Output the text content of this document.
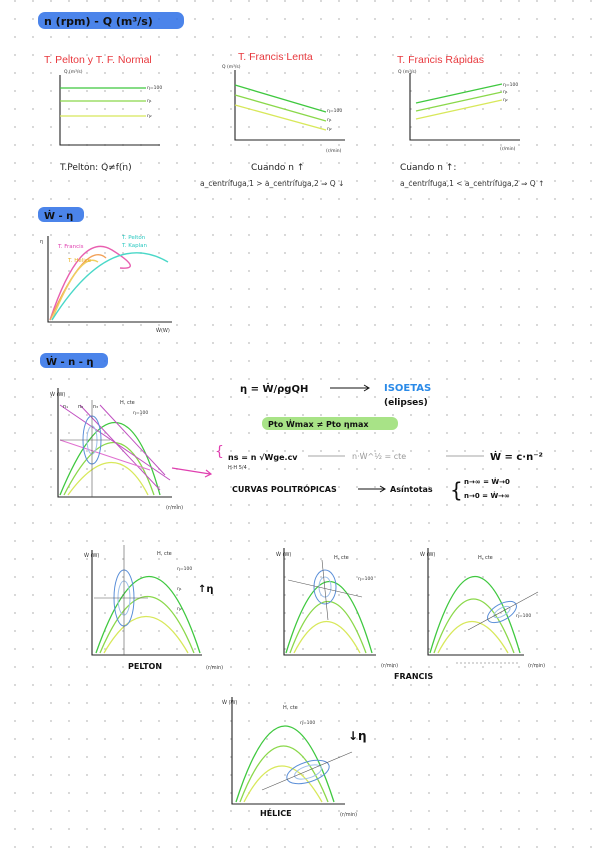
n (rpm) - Q (m³/s)
T. Pelton y T. F. Normal	T. Francis Lenta	T. Francis Rápidas
Q (m³/s)
η=100
η₁
η₂
T.Pelton: Q≠f(n)
Q (m³/s)
η=100
η₁
η₂
(r/min)
Cuando n ↑
a_centrífuga,1 > a_centrífuga,2 ⇒ Q ↓
Q (m³/s)
η=100
η₁
η₂
(r/min)
Cuando n ↑:
a_centrífuga,1 < a_centrífuga,2 ⇒ Q ↑
Ẇ - η
η
Ẇ(W)
T. Francis
T. Hélice
T. Pelton
T. Kaplan
Ẇ - n - η
Ẇ (W)
(r/min)
H, cte
η=100
n₁ n₂ n₃
η = Ẇ/ρgQH	ISOETAS
(elipses)
Pto Ẇmax ≠ Pto ηmax
{ ns = n √Wge.cv
H·H 5/4
n·Ẇ^½ = cte	Ẇ = c·n⁻²
CURVAS POLITRÓPICAS	Asíntotas { n→∞ = Ẇ→0
n→0 = Ẇ→∞
Ẇ (W)
(r/min)
H, cte
η=100
η₁
η₂
↑η
PELTON
Ẇ (W)
(r/min)
H, cte
η=100
Ẇ (W)
(r/min)
H, cte
η=100
FRANCIS
Ẇ (W)
(r/min)
H, cte
η=100
↓η
HÉLICE
